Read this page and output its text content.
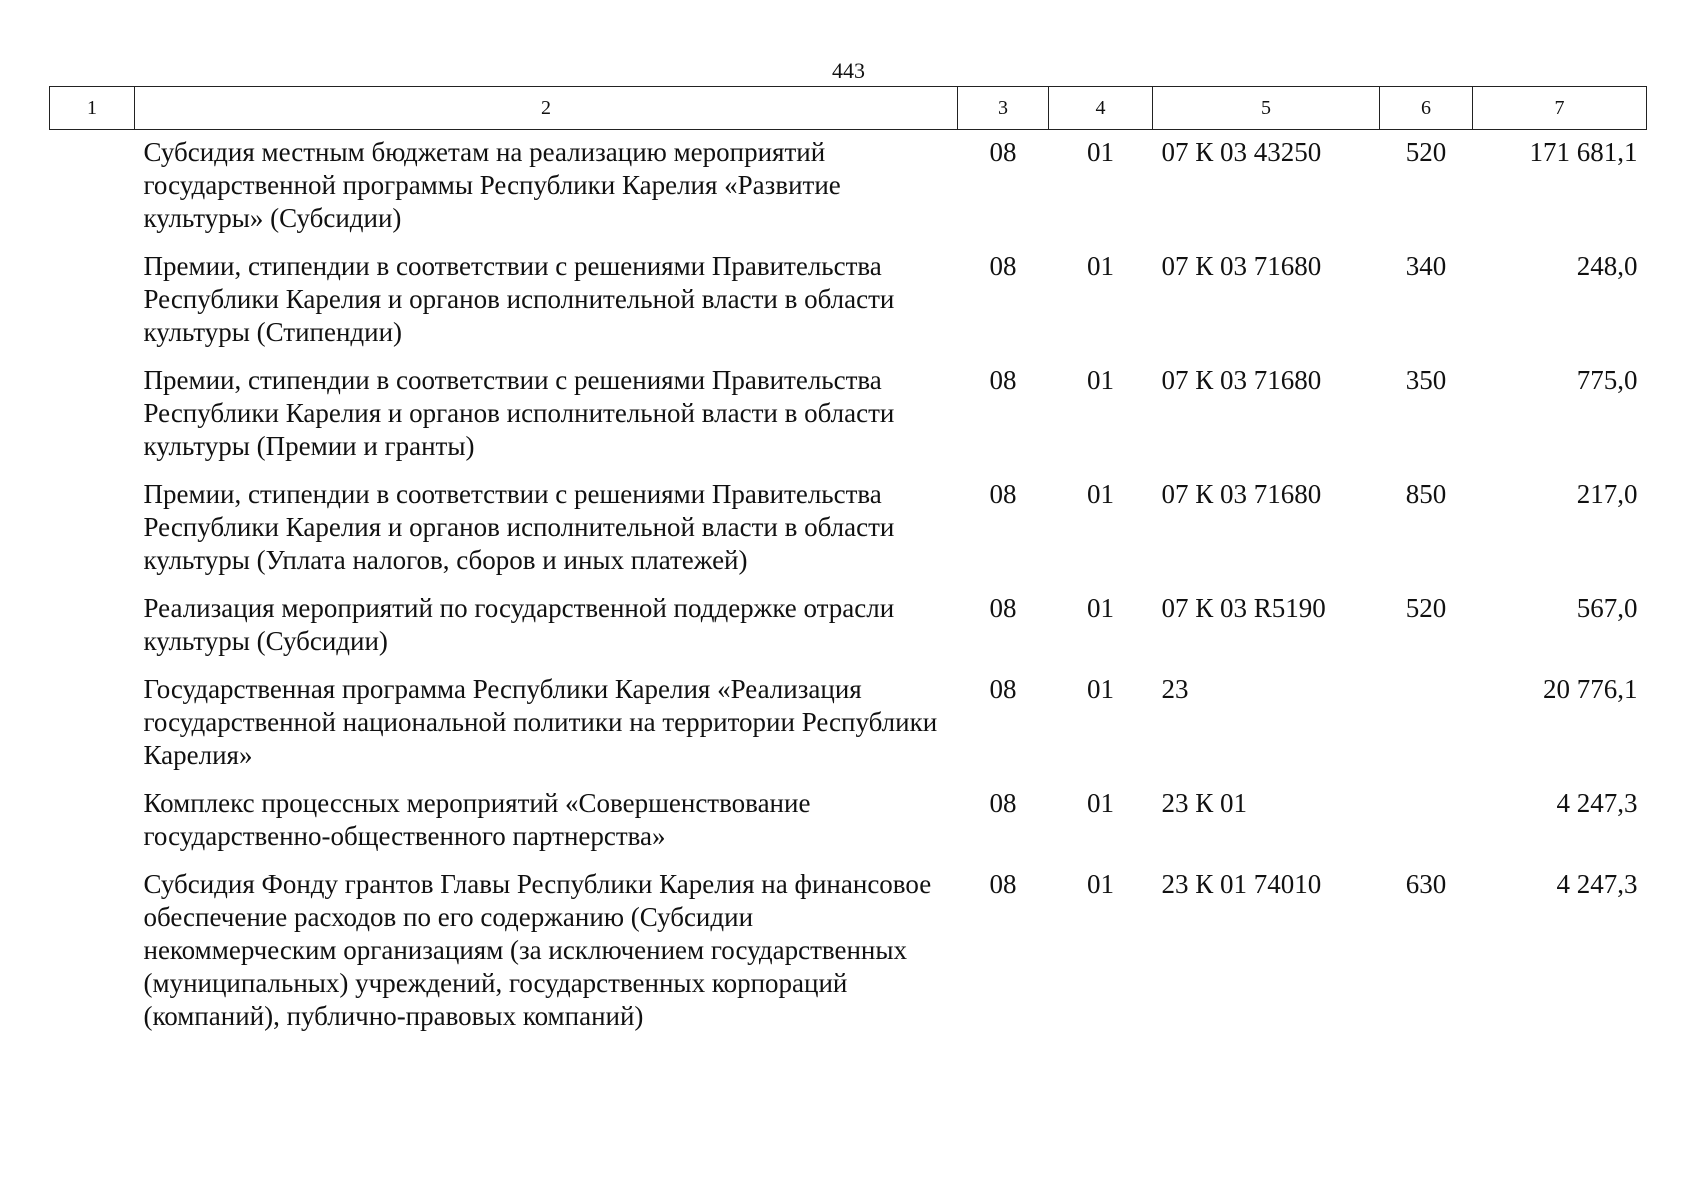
443
1	2	3	4	5	6	7
	Субсидия местным бюджетам на реализацию мероприятий государственной программы Республики Карелия «Развитие культуры» (Субсидии)	08	01	07 К 03 43250	520	171 681,1
	Премии, стипендии в соответствии с решениями Правительства Республики Карелия и органов исполнительной власти в области культуры (Стипендии)	08	01	07 К 03 71680	340	248,0
	Премии, стипендии в соответствии с решениями Правительства Республики Карелия и органов исполнительной власти в области культуры (Премии и гранты)	08	01	07 К 03 71680	350	775,0
	Премии, стипендии в соответствии с решениями Правительства Республики Карелия и органов исполнительной власти в области культуры (Уплата налогов, сборов и иных платежей)	08	01	07 К 03 71680	850	217,0
	Реализация мероприятий по государственной поддержке отрасли культуры (Субсидии)	08	01	07 К 03 R5190	520	567,0
	Государственная программа Республики Карелия «Реализация государственной национальной политики на территории Республики Карелия»	08	01	23		20 776,1
	Комплекс процессных мероприятий «Совершенствование государственно-общественного партнерства»	08	01	23 К 01		4 247,3
	Субсидия Фонду грантов Главы Республики Карелия на финансовое обеспечение расходов по его содержанию (Субсидии некоммерческим организациям (за исключением государственных (муниципальных) учреждений, государственных корпораций (компаний), публично-правовых компаний)	08	01	23 К 01 74010	630	4 247,3
